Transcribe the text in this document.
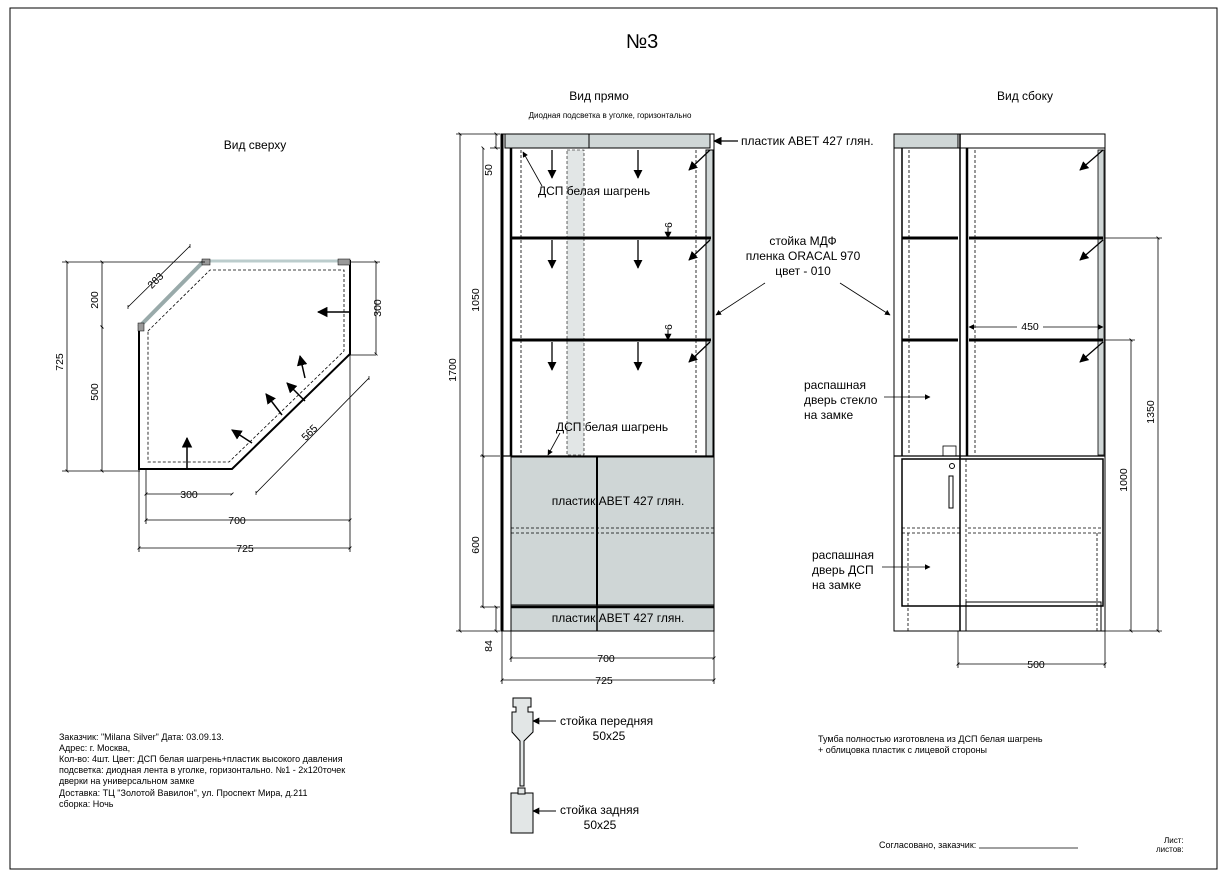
№3
Вид сверху
283
200	300
725
500
565
300
700
725
Вид прямо
Диодная подсветка в уголке, горизонтально
6
6
пластик АВЕТ 427 глян.
ДСП белая шагрень
стойка МДФ
пленка ORACAL 970
цвет - 010
ДСП белая шагрень
пластик АВЕТ 427 глян.
пластик АВЕТ 427 глян.
50
1050
1700
600
84
700
725
Вид сбоку
распашная
дверь стекло
на замке
распашная
дверь ДСП
на замке
450
1350
1000
500
стойка передняя
50x25
стойка задняя
50x25
Заказчик: "Milana Silver" Дата: 03.09.13.
Адрес: г. Москва,
Кол-во: 4шт. Цвет: ДСП белая шагрень+пластик высокого давления
подсветка: диодная лента в уголке, горизонтально. №1 - 2х120точек
дверки на универсальном замке
Доставка: ТЦ "Золотой Вавилон", ул. Проспект Мира, д.211
сборка: Ночь
Тумба полностью изготовлена из ДСП белая шагрень
+ облицовка пластик с лицевой стороны
Согласовано, заказчик:	Лист:
листов:
